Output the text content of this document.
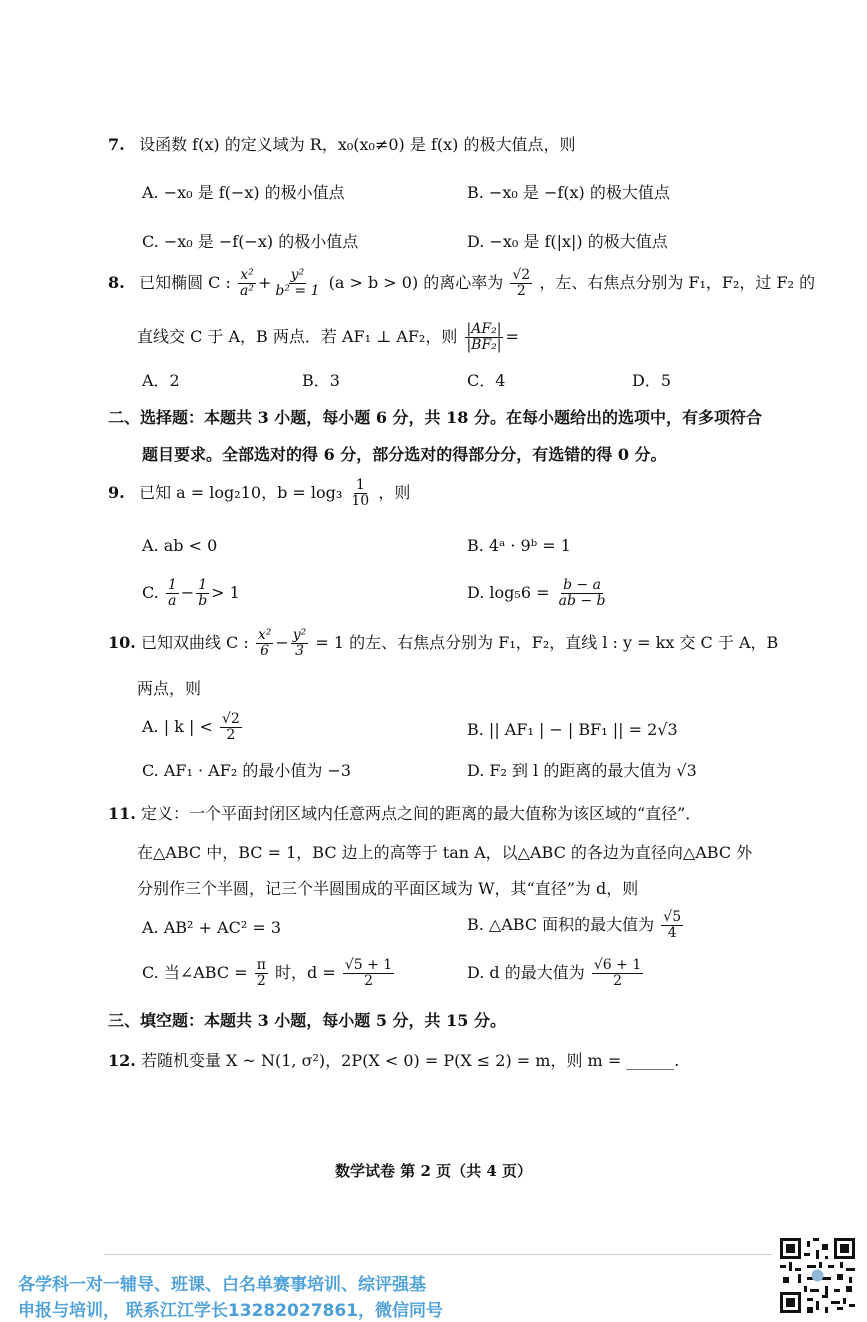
7. 设函数 f(x) 的定义域为 R，x₀(x₀≠0) 是 f(x) 的极大值点，则
A. −x₀ 是 f(−x) 的极小值点	B. −x₀ 是 −f(x) 的极大值点
C. −x₀ 是 −f(−x) 的极小值点	D. −x₀ 是 f(|x|) 的极大值点
8. 已知椭圆 C : $\frac{\text{x²}}{\text{a²}} + \frac{\text{y²}}{\text{b² = 1}} (a > b > 0)$ 的离心率为 $\frac{√2}{2}$ ，左、右焦点分别为 F₁，F₂，过 F₂ 的
直线交 C 于 A，B 两点．若 AF₁ ⊥ AF₂，则 $\frac{\text{|AF₂|}}{\text{|BF₂|}}$ =
A．2	B．3	C．4	D．5
二、选择题：本题共 3 小题，每小题 6 分，共 18 分。在每小题给出的选项中，有多项符合
题目要求。全部选对的得 6 分，部分选对的得部分分，有选错的得 0 分。
9. 已知 a = log₂10，$b = \log_3 \frac{1}{10}$ ，则
A. ab < 0	B. 4ᵃ · 9ᵇ = 1
C. $\frac{1}{a} - \frac{1}{b} > 1$	D. $\log_56 = \frac{b - a}{ab - b}$
10. 已知双曲线 C : $\frac{\text{x²}}{6} - \frac{\text{y²}}{3} = 1$ 的左、右焦点分别为 F₁，F₂，直线 l : y = kx 交 C 于 A，B
两点，则
A. | k | < $\frac{√2}{2}$	B. || AF₁ | − | BF₁ || = 2√3
C. AF₁ · AF₂ 的最小值为 −3	D. F₂ 到 l 的距离的最大值为 √3
11. 定义：一个平面封闭区域内任意两点之间的距离的最大值称为该区域的“直径”．
在△ABC 中，BC = 1，BC 边上的高等于 tan A，以△ABC 的各边为直径向△ABC 外
分别作三个半圆，记三个半圆围成的平面区域为 W，其“直径”为 d，则
A. AB² + AC² = 3	B. △ABC 面积的最大值为 $\frac{√5}{4}$
C. 当∠ABC = $\frac{\pi}{2}$ 时，$d = \frac{√5 + 1}{2}$	D. d 的最大值为 $\frac{√6 + 1}{2}$
三、填空题：本题共 3 小题，每小题 5 分，共 15 分。
12. 若随机变量 X ~ N(1, σ²)，2P(X < 0) = P(X ≤ 2) = m，则 m = ______.
数学试卷 第 2 页（共 4 页）
各学科一对一辅导、班课、白名单赛事培训、综评强基
申报与培训， 联系江江学长13282027861，微信同号
